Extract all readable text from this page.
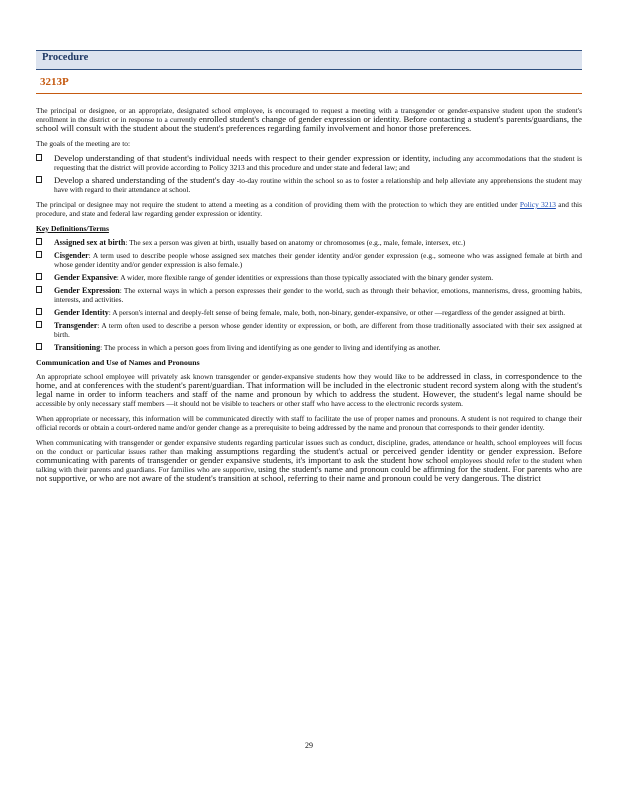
Procedure
3213P

The principal or designee, or an appropriate, designated school employee, is encouraged to request a meeting with a transgender or gender-expansive student upon the student's enrollment in the district or in response to a currently enrolled student's change of gender expression or identity. Before contacting a student's parents/guardians, the school will consult with the student about the student's preferences regarding family involvement and honor those preferences.

The goals of the meeting are to:

Develop understanding of that student's individual needs with respect to their gender expression or identity, including any accommodations that the student is requesting that the district will provide according to Policy 3213 and this procedure and under state and federal law; and
Develop a shared understanding of the student's day -to-day routine within the school so as to foster a relationship and help alleviate any apprehensions the student may have with regard to their attendance at school.

The principal or designee may not require the student to attend a meeting as a condition of providing them with the protection to which they are entitled under Policy 3213 and this procedure, and state and federal law regarding gender expression or identity.

Key Definitions/Terms
Assigned sex at birth: The sex a person was given at birth, usually based on anatomy or chromosomes (e.g., male, female, intersex, etc.)
Cisgender: A term used to describe people whose assigned sex matches their gender identity and/or gender expression (e.g., someone who was assigned female at birth and whose gender identity and/or gender expression is also female.)
Gender Expansive: A wider, more flexible range of gender identities or expressions than those typically associated with the binary gender system.
Gender Expression: The external ways in which a person expresses their gender to the world, such as through their behavior, emotions, mannerisms, dress, grooming habits, interests, and activities.
Gender Identity: A person's internal and deeply-felt sense of being female, male, both, non-binary, gender-expansive, or other —regardless of the gender assigned at birth.
Transgender: A term often used to describe a person whose gender identity or expression, or both, are different from those traditionally associated with their sex assigned at birth.
Transitioning: The process in which a person goes from living and identifying as one gender to living and identifying as another.
Communication and Use of Names and Pronouns

An appropriate school employee will privately ask known transgender or gender-expansive students how they would like to be addressed in class, in correspondence to the home, and at conferences with the student's parent/guardian. That information will be included in the electronic student record system along with the student's legal name in order to inform teachers and staff of the name and pronoun by which to address the student. However, the student's legal name should be accessible by only necessary staff members —it should not be visible to teachers or other staff who have access to the electronic records system.

When appropriate or necessary, this information will be communicated directly with staff to facilitate the use of proper names and pronouns. A student is not required to change their official records or obtain a court-ordered name and/or gender change as a prerequisite to being addressed by the name and pronoun that corresponds to their gender identity.

When communicating with transgender or gender expansive students regarding particular issues such as conduct, discipline, grades, attendance or health, school employees will focus on the conduct or particular issues rather than making assumptions regarding the student's actual or perceived gender identity or gender expression. Before communicating with parents of transgender or gender expansive students, it's important to ask the student how school employees should refer to the student when talking with their parents and guardians. For families who are supportive, using the student's name and pronoun could be affirming for the student. For parents who are not supportive, or who are not aware of the student's transition at school, referring to their name and pronoun could be very dangerous. The district

29
